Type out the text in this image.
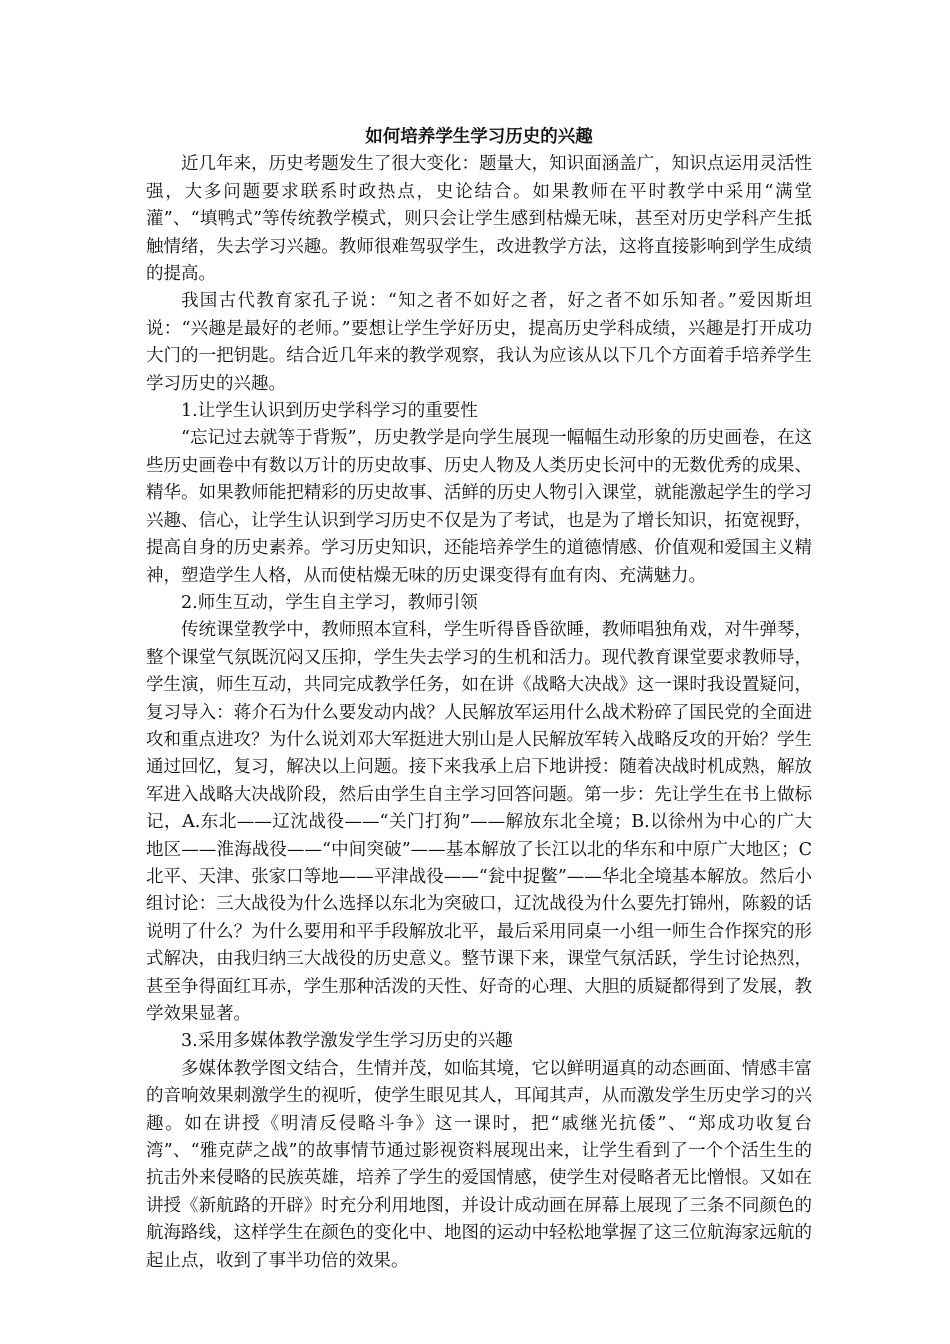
如何培养学生学习历史的兴趣

近几年来，历史考题发生了很大变化：题量大，知识面涵盖广，知识点运用灵活性强，大多问题要求联系时政热点，史论结合。如果教师在平时教学中采用“满堂灌”、“填鸭式”等传统教学模式，则只会让学生感到枯燥无味，甚至对历史学科产生抵触情绪，失去学习兴趣。教师很难驾驭学生，改进教学方法，这将直接影响到学生成绩的提高。

我国古代教育家孔子说：“知之者不如好之者，好之者不如乐知者。”爱因斯坦说：“兴趣是最好的老师。”要想让学生学好历史，提高历史学科成绩，兴趣是打开成功大门的一把钥匙。结合近几年来的教学观察，我认为应该从以下几个方面着手培养学生学习历史的兴趣。

1.让学生认识到历史学科学习的重要性

“忘记过去就等于背叛”，历史教学是向学生展现一幅幅生动形象的历史画卷，在这些历史画卷中有数以万计的历史故事、历史人物及人类历史长河中的无数优秀的成果、精华。如果教师能把精彩的历史故事、活鲜的历史人物引入课堂，就能激起学生的学习兴趣、信心，让学生认识到学习历史不仅是为了考试，也是为了增长知识，拓宽视野，提高自身的历史素养。学习历史知识，还能培养学生的道德情感、价值观和爱国主义精神，塑造学生人格，从而使枯燥无味的历史课变得有血有肉、充满魅力。

2.师生互动，学生自主学习，教师引领

传统课堂教学中，教师照本宣科，学生听得昏昏欲睡，教师唱独角戏，对牛弹琴，整个课堂气氛既沉闷又压抑，学生失去学习的生机和活力。现代教育课堂要求教师导，学生演，师生互动，共同完成教学任务，如在讲《战略大决战》这一课时我设置疑问，复习导入：蒋介石为什么要发动内战？人民解放军运用什么战术粉碎了国民党的全面进攻和重点进攻？为什么说刘邓大军挺进大别山是人民解放军转入战略反攻的开始？学生通过回忆，复习，解决以上问题。接下来我承上启下地讲授：随着决战时机成熟，解放军进入战略大决战阶段，然后由学生自主学习回答问题。第一步：先让学生在书上做标记，A.东北——辽沈战役——“关门打狗”——解放东北全境；B.以徐州为中心的广大地区——淮海战役——“中间突破”——基本解放了长江以北的华东和中原广大地区；C北平、天津、张家口等地——平津战役——“瓮中捉鳖”——华北全境基本解放。然后小组讨论：三大战役为什么选择以东北为突破口，辽沈战役为什么要先打锦州，陈毅的话说明了什么？为什么要用和平手段解放北平，最后采用同桌一小组一师生合作探究的形式解决，由我归纳三大战役的历史意义。整节课下来，课堂气氛活跃，学生讨论热烈，甚至争得面红耳赤，学生那种活泼的天性、好奇的心理、大胆的质疑都得到了发展，教学效果显著。

3.采用多媒体教学激发学生学习历史的兴趣

多媒体教学图文结合，生情并茂，如临其境，它以鲜明逼真的动态画面、情感丰富的音响效果刺激学生的视听，使学生眼见其人，耳闻其声，从而激发学生历史学习的兴趣。如在讲授《明清反侵略斗争》这一课时，把“戚继光抗倭”、“郑成功收复台湾”、“雅克萨之战”的故事情节通过影视资料展现出来，让学生看到了一个个活生生的抗击外来侵略的民族英雄，培养了学生的爱国情感，使学生对侵略者无比憎恨。又如在讲授《新航路的开辟》时充分利用地图，并设计成动画在屏幕上展现了三条不同颜色的航海路线，这样学生在颜色的变化中、地图的运动中轻松地掌握了这三位航海家远航的起止点，收到了事半功倍的效果。
